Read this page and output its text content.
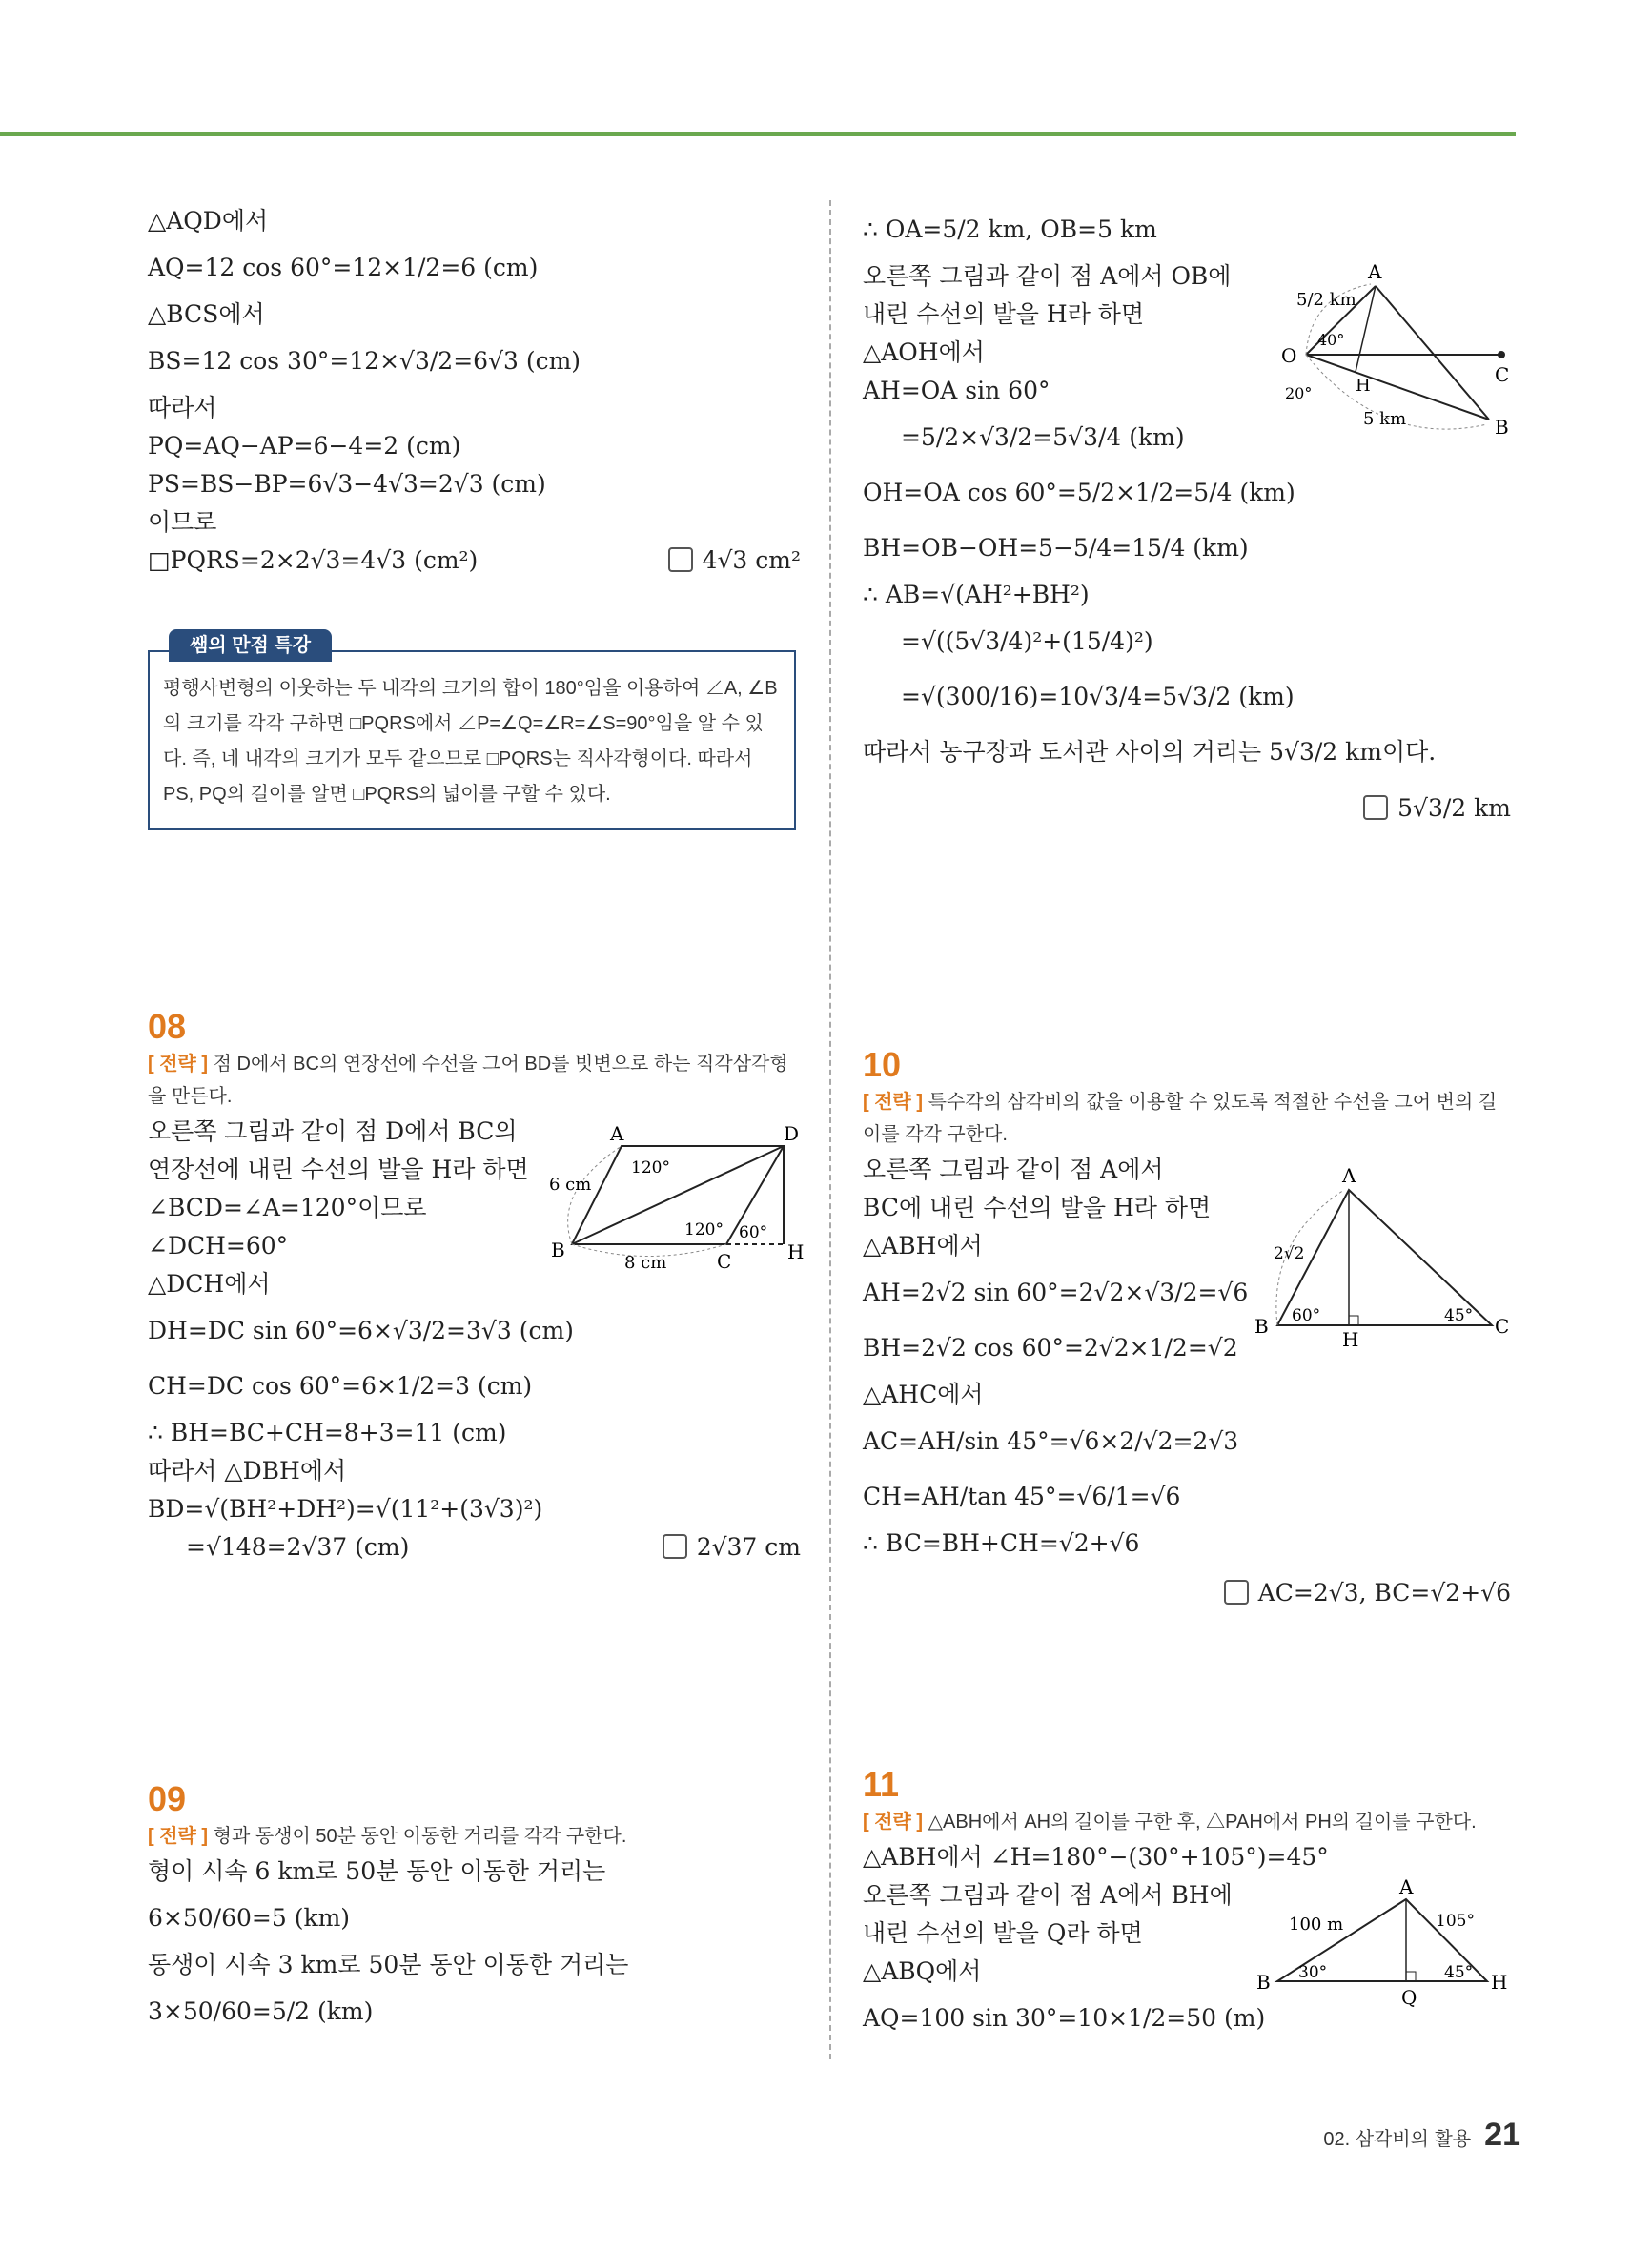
△AQD에서
AQ=12 cos 60°=12×1/2=6 (cm)
△BCS에서
BS=12 cos 30°=12×√3/2=6√3 (cm)
따라서
PQ=AQ−AP=6−4=2 (cm)
PS=BS−BP=6√3−4√3=2√3 (cm)
이므로
□PQRS=2×2√3=4√3 (cm²)	4√3 cm²
쌤의 만점 특강
평행사변형의 이웃하는 두 내각의 크기의 합이 180°임을 이용하여 ∠A, ∠B의 크기를 각각 구하면 □PQRS에서 ∠P=∠Q=∠R=∠S=90°임을 알 수 있다. 즉, 네 내각의 크기가 모두 같으므로 □PQRS는 직사각형이다. 따라서 PS, PQ의 길이를 알면 □PQRS의 넓이를 구할 수 있다.
∴ OA=5/2 km, OB=5 km
오른쪽 그림과 같이 점 A에서 OB에
내린 수선의 발을 H라 하면
△AOH에서
AH=OA sin 60°
=5/2×√3/2=5√3/4 (km)
OH=OA cos 60°=5/2×1/2=5/4 (km)
BH=OB−OH=5−5/4=15/4 (km)
∴ AB=√(AH²+BH²)
=√((5√3/4)²+(15/4)²)
=√(300/16)=10√3/4=5√3/2 (km)
따라서 농구장과 도서관 사이의 거리는 5√3/2 km이다.
5√3/2 km
A
O
H	C
B
5/2 km
40°
20°
5 km
08
[ 전략 ] 점 D에서 BC의 연장선에 수선을 그어 BD를 빗변으로 하는 직각삼각형을 만든다.
오른쪽 그림과 같이 점 D에서 BC의
연장선에 내린 수선의 발을 H라 하면
∠BCD=∠A=120°이므로
∠DCH=60°
△DCH에서
DH=DC sin 60°=6×√3/2=3√3 (cm)
CH=DC cos 60°=6×1/2=3 (cm)
∴ BH=BC+CH=8+3=11 (cm)
따라서 △DBH에서
BD=√(BH²+DH²)=√(11²+(3√3)²)
=√148=2√37 (cm)	2√37 cm
A	D
6 cm
120°
120° 60°
B
8 cm	C	H
09
[ 전략 ] 형과 동생이 50분 동안 이동한 거리를 각각 구한다.
형이 시속 6 km로 50분 동안 이동한 거리는
6×50/60=5 (km)
동생이 시속 3 km로 50분 동안 이동한 거리는
3×50/60=5/2 (km)
10
[ 전략 ] 특수각의 삼각비의 값을 이용할 수 있도록 적절한 수선을 그어 변의 길이를 각각 구한다.
오른쪽 그림과 같이 점 A에서
BC에 내린 수선의 발을 H라 하면
△ABH에서
AH=2√2 sin 60°=2√2×√3/2=√6
BH=2√2 cos 60°=2√2×1/2=√2
△AHC에서
AC=AH/sin 45°=√6×2/√2=2√3
CH=AH/tan 45°=√6/1=√6
∴ BC=BH+CH=√2+√6
AC=2√3, BC=√2+√6
A
2√2
60°	45°
B
H
C
11
[ 전략 ] △ABH에서 AH의 길이를 구한 후, △PAH에서 PH의 길이를 구한다.
△ABH에서 ∠H=180°−(30°+105°)=45°
오른쪽 그림과 같이 점 A에서 BH에
내린 수선의 발을 Q라 하면
△ABQ에서
AQ=100 sin 30°=10×1/2=50 (m)
A
100 m	105°
30°	45°
B
Q
H
02. 삼각비의 활용 21
